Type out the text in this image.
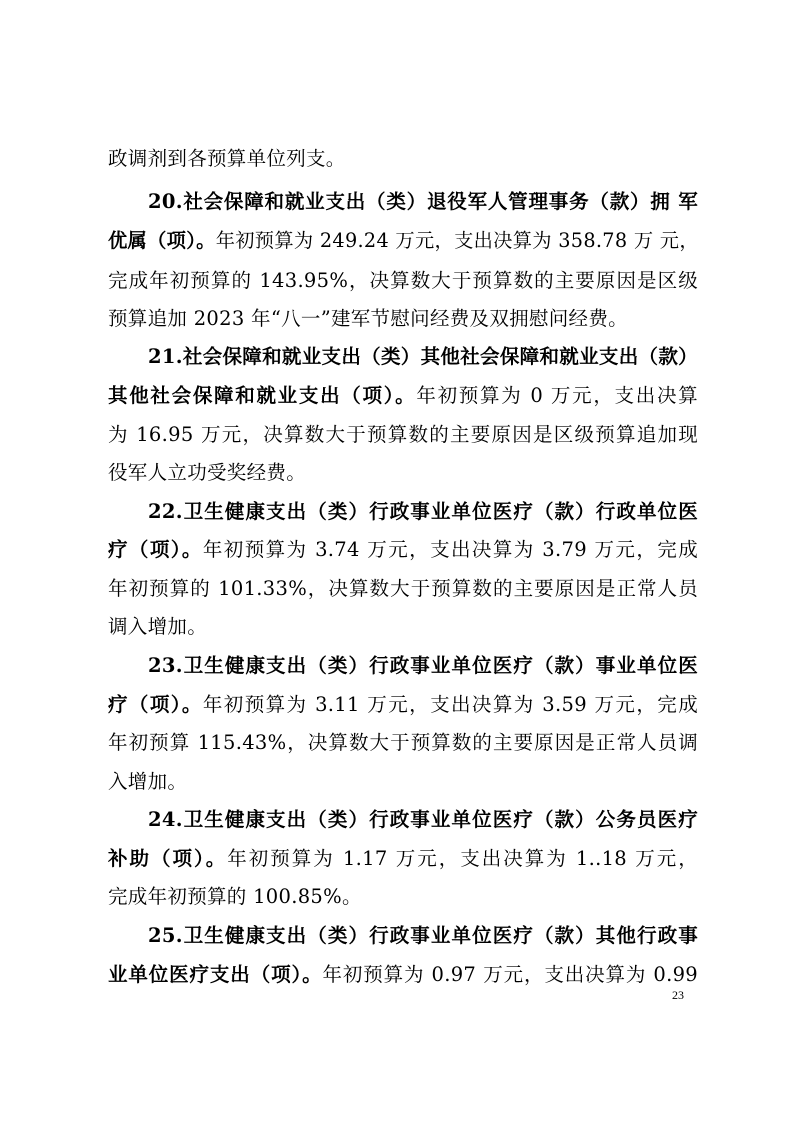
政调剂到各预算单位列支。
20.社会保障和就业支出（类）退役军人管理事务（款）拥 军
优属（项）。年初预算为 249.24 万元，支出决算为 358.78 万 元，
完成年初预算的 143.95%，决算数大于预算数的主要原因是区级
预算追加 2023 年“八一”建军节慰问经费及双拥慰问经费。
21.社会保障和就业支出（类）其他社会保障和就业支出（款）
其他社会保障和就业支出（项）。年初预算为 0 万元，支出决算
为 16.95 万元，决算数大于预算数的主要原因是区级预算追加现
役军人立功受奖经费。
22.卫生健康支出（类）行政事业单位医疗（款）行政单位医
疗（项）。年初预算为 3.74 万元，支出决算为 3.79 万元，完成
年初预算的 101.33%，决算数大于预算数的主要原因是正常人员
调入增加。
23.卫生健康支出（类）行政事业单位医疗（款）事业单位医
疗（项）。年初预算为 3.11 万元，支出决算为 3.59 万元，完成
年初预算 115.43%，决算数大于预算数的主要原因是正常人员调
入增加。
24.卫生健康支出（类）行政事业单位医疗（款）公务员医疗
补助（项）。年初预算为 1.17 万元，支出决算为 1..18 万元，
完成年初预算的 100.85%。
25.卫生健康支出（类）行政事业单位医疗（款）其他行政事
业单位医疗支出（项）。年初预算为 0.97 万元，支出决算为 0.99
23
